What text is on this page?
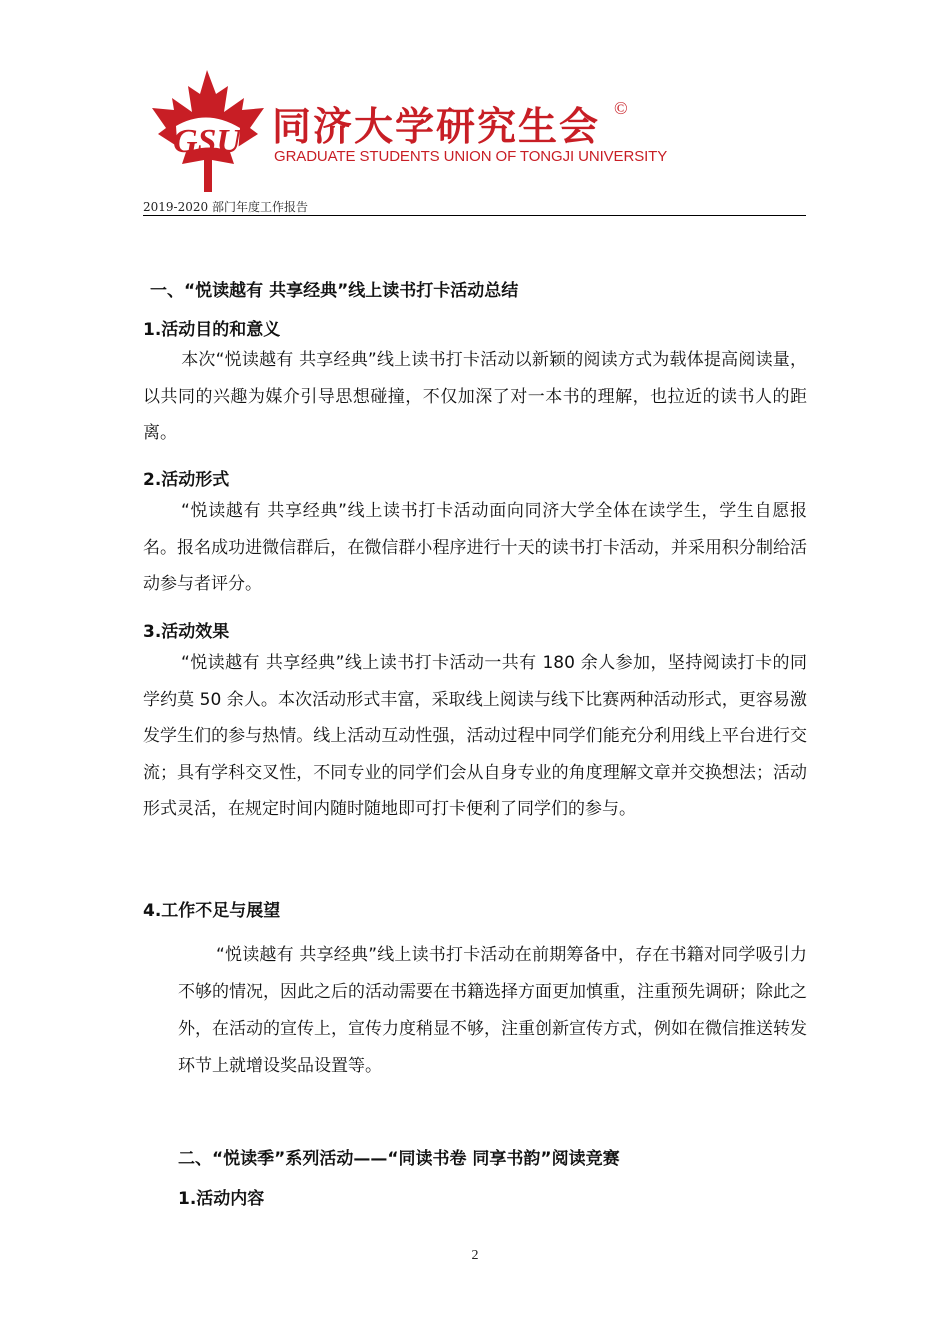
GSU 同济大学研究生会 ©
GRADUATE STUDENTS UNION OF TONGJI UNIVERSITY
2019-2020 部门年度工作报告
一、“悦读越有 共享经典”线上读书打卡活动总结
1.活动目的和意义
本次“悦读越有 共享经典”线上读书打卡活动以新颖的阅读方式为载体提高阅读量，以共同的兴趣为媒介引导思想碰撞，不仅加深了对一本书的理解，也拉近的读书人的距离。
2.活动形式
“悦读越有 共享经典”线上读书打卡活动面向同济大学全体在读学生，学生自愿报名。报名成功进微信群后，在微信群小程序进行十天的读书打卡活动，并采用积分制给活动参与者评分。
3.活动效果
“悦读越有 共享经典”线上读书打卡活动一共有 180 余人参加，坚持阅读打卡的同学约莫 50 余人。本次活动形式丰富，采取线上阅读与线下比赛两种活动形式，更容易激发学生们的参与热情。线上活动互动性强，活动过程中同学们能充分利用线上平台进行交流；具有学科交叉性，不同专业的同学们会从自身专业的角度理解文章并交换想法；活动形式灵活，在规定时间内随时随地即可打卡便利了同学们的参与。
4.工作不足与展望
“悦读越有 共享经典”线上读书打卡活动在前期筹备中，存在书籍对同学吸引力不够的情况，因此之后的活动需要在书籍选择方面更加慎重，注重预先调研；除此之外，在活动的宣传上，宣传力度稍显不够，注重创新宣传方式，例如在微信推送转发环节上就增设奖品设置等。
二、“悦读季”系列活动——“同读书卷 同享书韵”阅读竞赛
1.活动内容
2
